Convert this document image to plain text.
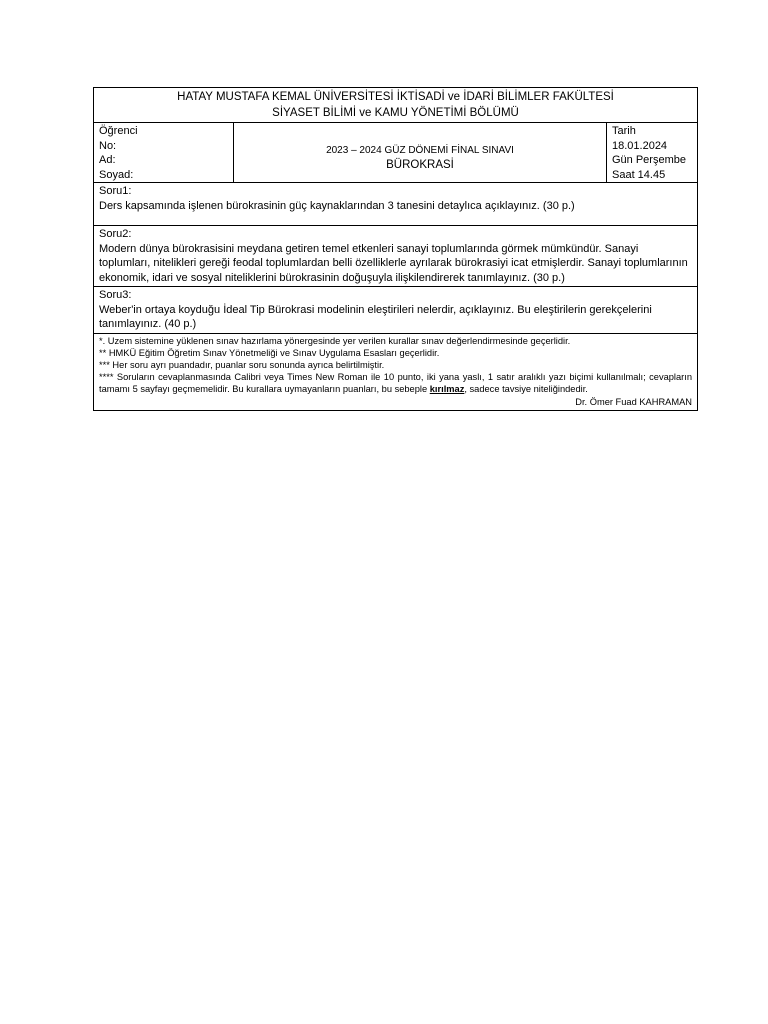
HATAY MUSTAFA KEMAL ÜNİVERSİTESİ İKTİSADİ ve İDARİ BİLİMLER FAKÜLTESİ
SİYASET BİLİMİ ve KAMU YÖNETİMİ BÖLÜMÜ

Öğrenci
No:
Ad:
Soyad:

2023 – 2024 GÜZ DÖNEMİ FİNAL SINAVI
BÜROKRASİ

Tarih
18.01.2024
Gün Perşembe
Saat 14.45

Soru1:
Ders kapsamında işlenen bürokrasinin güç kaynaklarından 3 tanesini detaylıca açıklayınız. (30 p.)

Soru2:
Modern dünya bürokrasisini meydana getiren temel etkenleri sanayi toplumlarında görmek mümkündür. Sanayi toplumları, nitelikleri gereği feodal toplumlardan belli özelliklerle ayrılarak bürokrasiyi icat etmişlerdir. Sanayi toplumlarının ekonomik, idari ve sosyal niteliklerini bürokrasinin doğuşuyla ilişkilendirerek tanımlayınız. (30 p.)

Soru3:
Weber'in ortaya koyduğu İdeal Tip Bürokrasi modelinin eleştirileri nelerdir, açıklayınız. Bu eleştirilerin gerekçelerini tanımlayınız. (40 p.)

*. Uzem sistemine yüklenen sınav hazırlama yönergesinde yer verilen kurallar sınav değerlendirmesinde geçerlidir.
** HMKÜ Eğitim Öğretim Sınav Yönetmeliği ve Sınav Uygulama Esasları geçerlidir.
*** Her soru ayrı puandadır, puanlar soru sonunda ayrıca belirtilmiştir.
**** Soruların cevaplanmasında Calibri veya Times New Roman ile 10 punto, iki yana yaslı, 1 satır aralıklı yazı biçimi kullanılmalı; cevapların tamamı 5 sayfayı geçmemelidir. Bu kurallara uymayanların puanları, bu sebeple kırılmaz, sadece tavsiye niteliğindedir.
Dr. Ömer Fuad KAHRAMAN
